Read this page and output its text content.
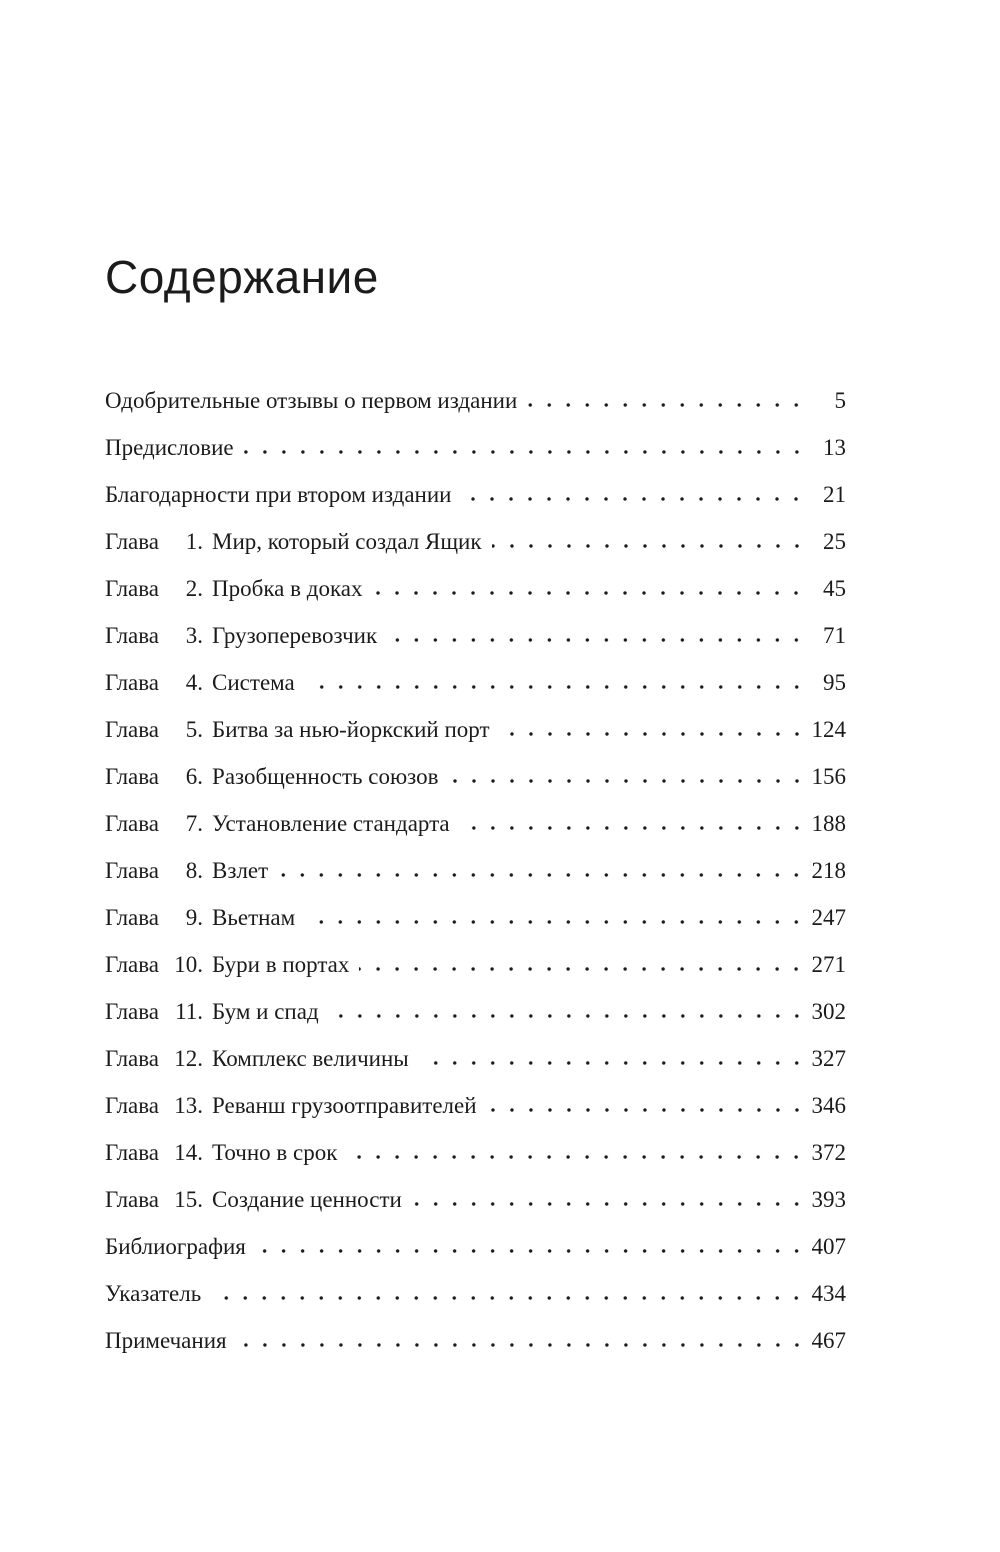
Содержание
Одобрительные отзывы о первом издании	5
Предисловие	13
Благодарности при втором издании	21
Глава	1. Мир, который создал Ящик	25
Глава	2. Пробка в доках	45
Глава	3. Грузоперевозчик	71
Глава	4. Система	95
Глава	5. Битва за нью-йоркский порт	124
Глава	6. Разобщенность союзов	156
Глава	7. Установление стандарта	188
Глава	8. Взлет	218
Глава	9. Вьетнам	247
Глава 10. Бури в портах	271
Глава 11. Бум и спад	302
Глава 12. Комплекс величины	327
Глава 13. Реванш грузоотправителей	346
Глава 14. Точно в срок	372
Глава 15. Создание ценности	393
Библиография	407
Указатель	434
Примечания	467
